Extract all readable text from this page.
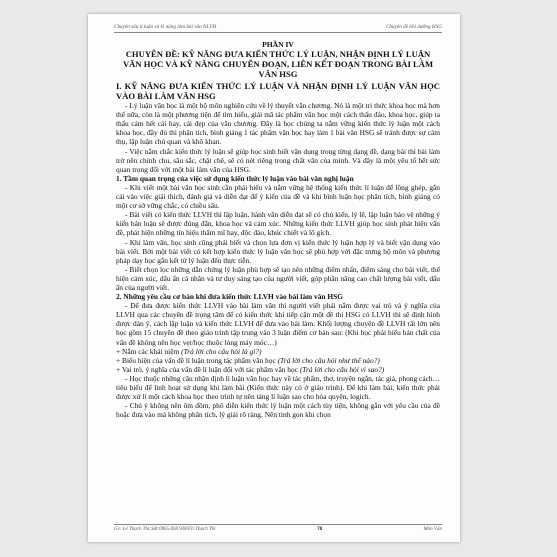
Chuyên sâu lí luận và kĩ năng làm bài văn NLVH	Chuyên đề bồi dưỡng HSG

PHẦN IV

CHUYÊN ĐỀ: KỸ NĂNG ĐƯA KIẾN THỨC LÝ LUẬN, NHẬN ĐỊNH LÝ LUẬN VĂN HỌC VÀ KỸ NĂNG CHUYỂN ĐOẠN, LIÊN KẾT ĐOẠN TRONG BÀI LÀM VĂN HSG

I. KỸ NĂNG ĐƯA KIẾN THỨC LÝ LUẬN VÀ NHẬN ĐỊNH LÝ LUẬN VĂN HỌC VÀO BÀI LÀM VĂN HSG

- Lý luận văn học là một bộ môn nghiên cứu về lý thuyết văn chương. Nó là một tri thức khoa học mà hơn thế nữa, còn là một phương tiện để tìm hiểu, giải mã tác phẩm văn học một cách thấu đáo, khoa học, giúp ta thấu cảm hết cái hay, cái đẹp của văn chương. Đây là học chúng ta nắm vững kiến thức lý luận một cách khoa học, đầy đủ thì phân tích, bình giảng 1 tác phẩm văn học hay làm 1 bài văn HSG sẽ tránh được sự cảm thụ, lập luận chủ quan và khô khan.

- Việc nắm chắc kiến thức lý luận sẽ giúp học sinh biết vận dụng trong từng dạng đề, dạng bài thì bài làm trở nên chỉnh chu, sâu sắc, chặt chẽ, sẽ có nét riêng trong chất văn của mình. Và đây là một yêu tố hết sức quan trọng đối với một bài làm văn của HSG.

1. Tầm quan trọng của việc sử dụng kiến thức lý luận vào bài văn nghị luận

- Khi viết một bài văn học sinh cần phải hiểu và nắm vững hệ thống kiến thức lí luận để lồng ghép, gắn cái vào việc giải thích, đánh giá và diễn đạt để ý kiến của đề và khi bình luận học phân tích, bình giảng có một cơ sở vững chắc, có chiều sâu.

- Bài viết có kiến thức LLVH thì lập luận, hành văn diễn đạt sẽ có chủ kiến, lý lẽ, lập luận bảo vệ những ý kiến bản luận sẽ được đúng đắn, khoa học và cảm xúc. Những kiến thức LLVH giúp học sinh phát hiện vấn đề, phát hiện những tín hiệu thẩm mĩ hay, độc đáo, khúc chiết và lô gích.

- Khi làm văn, học sinh cũng phải biết và chọn lựa đơn vị kiến thức lý luận hợp lý và biết vận dụng vào bài viết. Bởi một bài viết có kết hợp kiến thức lý luận văn học sẽ phù hợp với đặc trưng bộ môn và phương pháp dạy học gắn kết từ lý luận đến thực tiễn.

- Biết chọn lọc những dẫn chứng lý luận phù hợp sẽ tạo nên những điểm nhấn, điểm sáng cho bài viết, thể hiện cảm xúc, dấu ấn cá nhân và tư duy sáng tạo của người viết, góp phần nâng cao chất lượng bài viết, dấu ấn của người viết.

2. Những yêu cầu cơ bản khi đưa kiến thức LLVH vào bài làm văn HSG

- Để đưa được kiến thức LLVH vào bài làm văn thì người viết phải nắm được vai trò và ý nghĩa của LLVH qua các chuyên đề trọng tâm để có kiến thức khi tiếp cận một đề thi HSG có LLVH thì sẽ định hình được dàn ý, cách lập luận và kiến thức LLVH để đưa vào bài làm. Khối lượng chuyên đề LLVH rất lớn nên học gồm 15 chuyên đề theo giáo trình tập trung vào 3 luận điểm cơ bản sau: (Khi học phải hiểu bản chất của vấn đề không nên học vẹt/học thuộc lòng máy móc…)

+ Nắm các khái niệm (Trả lời cho câu hỏi là gì?)

+ Biểu hiện của vấn đề lí luận trong tác phẩm văn học (Trả lời cho câu hỏi như thế nào?)

+ Vai trò, ý nghĩa của vấn đề lí luận đối với tác phẩm văn học (Trả lời cho câu hỏi vì sao?)

- Học thuộc những câu nhận định lí luận văn học hay về tác phẩm, thơ, truyện ngắn, tác giả, phong cách…tiêu biểu để linh hoạt sử dụng khi làm bài (Kiến thức này có ở giáo trình). Để khi làm bài, kiến thức phải được xử lí một cách khoa học theo trình tự nên tảng lí luận sao cho hòa quyện, logich.

- Chú ý không nên ôm đồm, phô diễn kiến thức lý luận một cách tùy tiện, không gắn với yêu cầu của đề hoặc đưa vào mà không phân tích, lý giải rõ ràng. Nên tinh gọn khi chọn

Gv: Lê Thạch Thi;Sđt:0965.838.938/Fb:Thạch Thi	78	Môn Văn
